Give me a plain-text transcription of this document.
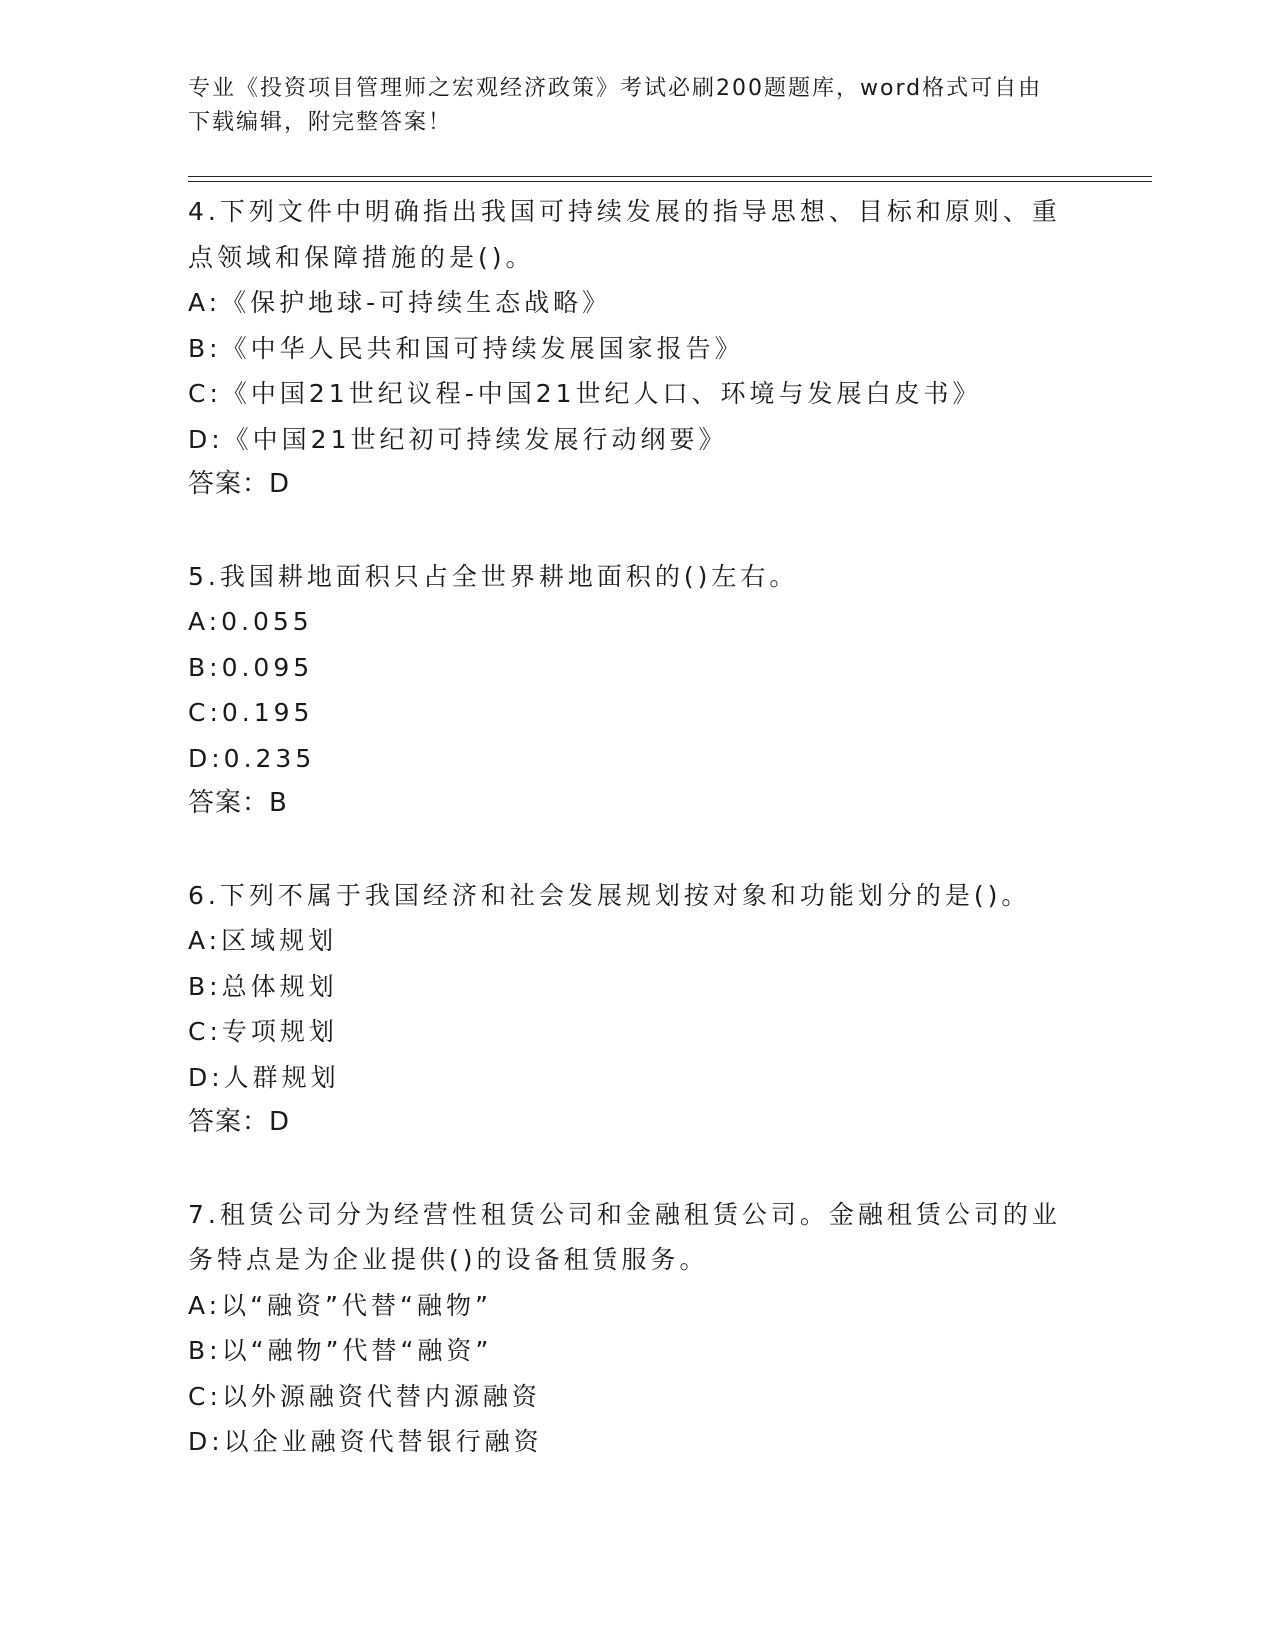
专业《投资项目管理师之宏观经济政策》考试必刷200题题库，word格式可自由
下载编辑，附完整答案！
4.下列文件中明确指出我国可持续发展的指导思想、目标和原则、重
点领域和保障措施的是()。
A:《保护地球-可持续生态战略》
B:《中华人民共和国可持续发展国家报告》
C:《中国21世纪议程-中国21世纪人口、环境与发展白皮书》
D:《中国21世纪初可持续发展行动纲要》
答案：D
5.我国耕地面积只占全世界耕地面积的()左右。
A:0.055
B:0.095
C:0.195
D:0.235
答案：B
6.下列不属于我国经济和社会发展规划按对象和功能划分的是()。
A:区域规划
B:总体规划
C:专项规划
D:人群规划
答案：D
7.租赁公司分为经营性租赁公司和金融租赁公司。金融租赁公司的业
务特点是为企业提供()的设备租赁服务。
A:以“融资”代替“融物”
B:以“融物”代替“融资”
C:以外源融资代替内源融资
D:以企业融资代替银行融资
